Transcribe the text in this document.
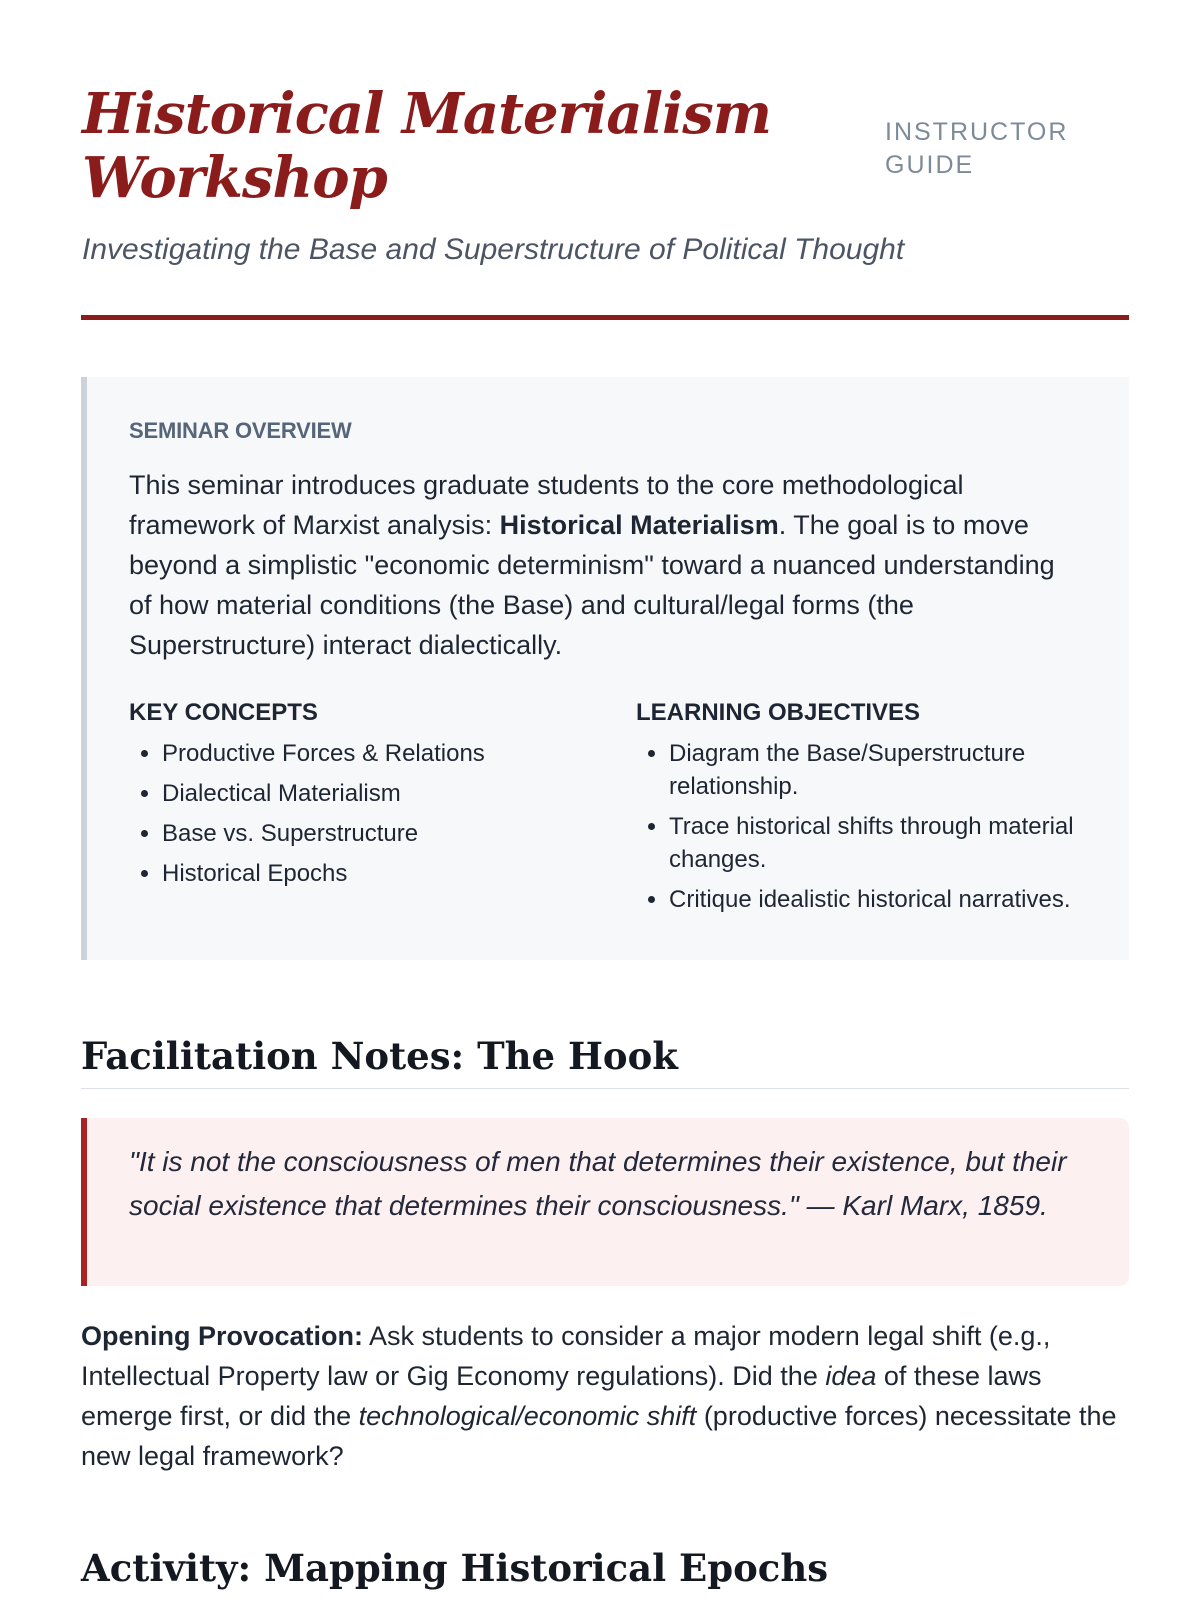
Historical Materialism Workshop
INSTRUCTOR GUIDE

Investigating the Base and Superstructure of Political Thought

SEMINAR OVERVIEW

This seminar introduces graduate students to the core methodological framework of Marxist analysis: Historical Materialism. The goal is to move beyond a simplistic "economic determinism" toward a nuanced understanding of how material conditions (the Base) and cultural/legal forms (the Superstructure) interact dialectically.

KEY CONCEPTS
• Productive Forces & Relations
• Dialectical Materialism
• Base vs. Superstructure
• Historical Epochs
LEARNING OBJECTIVES
• Diagram the Base/Superstructure relationship.
• Trace historical shifts through material changes.
• Critique idealistic historical narratives.
Facilitation Notes: The Hook

"It is not the consciousness of men that determines their existence, but their social existence that determines their consciousness." — Karl Marx, 1859.

Opening Provocation: Ask students to consider a major modern legal shift (e.g., Intellectual Property law or Gig Economy regulations). Did the idea of these laws emerge first, or did the technological/economic shift (productive forces) necessitate the new legal framework?

Activity: Mapping Historical Epochs
